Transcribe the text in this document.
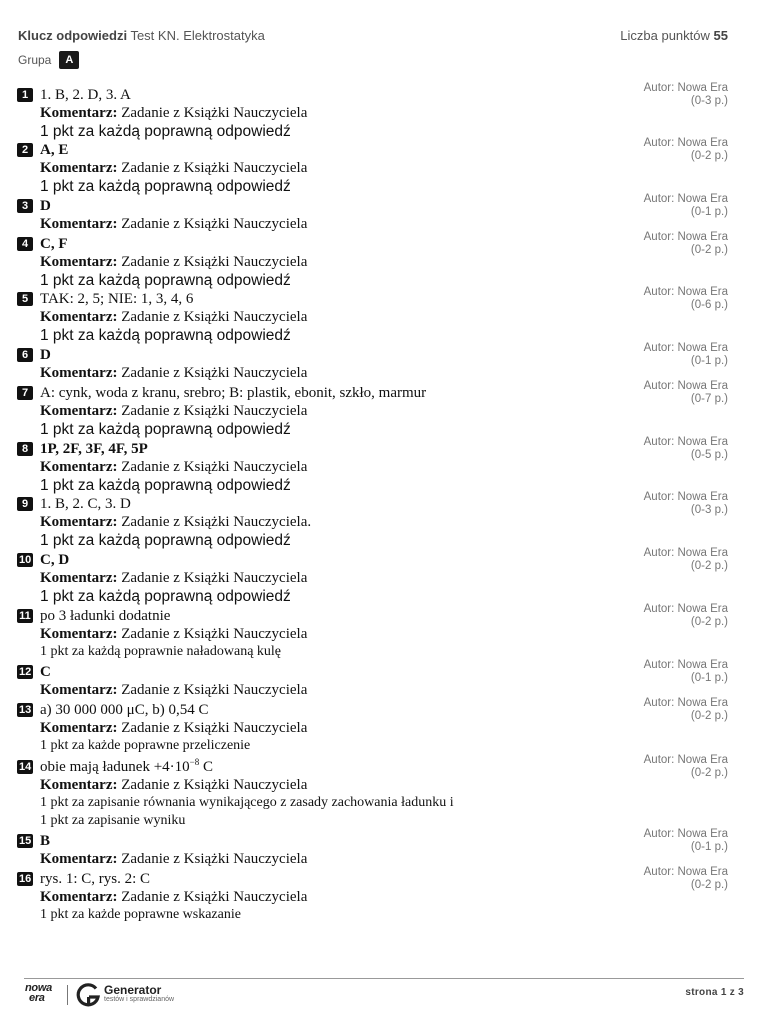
Klucz odpowiedzi Test KN. Elektrostatyka	Liczba punktów 55
Grupa	A
1 1. B, 2. D, 3. A	Autor: Nowa Era
(0-3 p.)
Komentarz: Zadanie z Książki Nauczyciela
1 pkt za każdą poprawną odpowiedź
2 A, E	Autor: Nowa Era
(0-2 p.)
Komentarz: Zadanie z Książki Nauczyciela
1 pkt za każdą poprawną odpowiedź
3 D	Autor: Nowa Era
(0-1 p.)
Komentarz: Zadanie z Książki Nauczyciela
4 C, F	Autor: Nowa Era
(0-2 p.)
Komentarz: Zadanie z Książki Nauczyciela
1 pkt za każdą poprawną odpowiedź
5 TAK: 2, 5; NIE: 1, 3, 4, 6	Autor: Nowa Era
(0-6 p.)
Komentarz: Zadanie z Książki Nauczyciela
1 pkt za każdą poprawną odpowiedź
6 D	Autor: Nowa Era
(0-1 p.)
Komentarz: Zadanie z Książki Nauczyciela
7 A: cynk, woda z kranu, srebro; B: plastik, ebonit, szkło, marmur	Autor: Nowa Era
(0-7 p.)
Komentarz: Zadanie z Książki Nauczyciela
1 pkt za każdą poprawną odpowiedź
8 1P, 2F, 3F, 4F, 5P	Autor: Nowa Era
(0-5 p.)
Komentarz: Zadanie z Książki Nauczyciela
1 pkt za każdą poprawną odpowiedź
9 1. B, 2. C, 3. D	Autor: Nowa Era
(0-3 p.)
Komentarz: Zadanie z Książki Nauczyciela.
1 pkt za każdą poprawną odpowiedź
10 C, D	Autor: Nowa Era
(0-2 p.)
Komentarz: Zadanie z Książki Nauczyciela
1 pkt za każdą poprawną odpowiedź
11 po 3 ładunki dodatnie	Autor: Nowa Era
(0-2 p.)
Komentarz: Zadanie z Książki Nauczyciela
1 pkt za każdą poprawnie naładowaną kulę
12 C	Autor: Nowa Era
(0-1 p.)
Komentarz: Zadanie z Książki Nauczyciela
13 a) 30 000 000 μC, b) 0,54 C	Autor: Nowa Era
(0-2 p.)
Komentarz: Zadanie z Książki Nauczyciela
1 pkt za każde poprawne przeliczenie
14 obie mają ładunek $+4\cdot 10^{-8}$ C	Autor: Nowa Era
(0-2 p.)
Komentarz: Zadanie z Książki Nauczyciela
1 pkt za zapisanie równania wynikającego z zasady zachowania ładunku i
1 pkt za zapisanie wyniku
15 B	Autor: Nowa Era
(0-1 p.)
Komentarz: Zadanie z Książki Nauczyciela
16 rys. 1: C, rys. 2: C	Autor: Nowa Era
(0-2 p.)
Komentarz: Zadanie z Książki Nauczyciela
1 pkt za każde poprawne wskazanie
nowa
era
Generator
testów i sprawdzianów
strona 1 z 3
